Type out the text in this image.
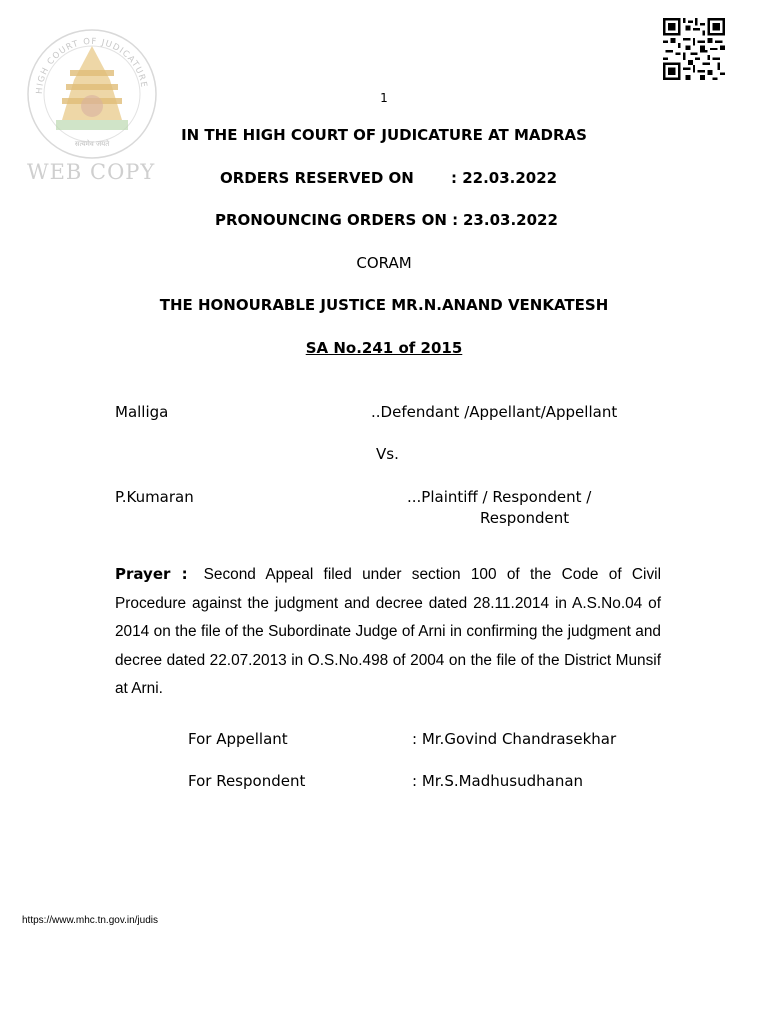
HIGH COURT OF JUDICATURE
सत्यमेव जयते
WEB COPY
1
IN THE HIGH COURT OF JUDICATURE AT MADRAS
ORDERS RESERVED ON : 22.03.2022
PRONOUNCING ORDERS ON : 23.03.2022
CORAM
THE HONOURABLE JUSTICE MR.N.ANAND VENKATESH
SA No.241 of 2015
Malliga	..Defendant /Appellant/Appellant
Vs.
P.Kumaran	...Plaintiff / Respondent /
Respondent
Prayer : Second Appeal filed under section 100 of the Code of Civil Procedure against the judgment and decree dated 28.11.2014 in A.S.No.04 of 2014 on the file of the Subordinate Judge of Arni in confirming the judgment and decree dated 22.07.2013 in O.S.No.498 of 2004 on the file of the District Munsif at Arni.
For Appellant	: Mr.Govind Chandrasekhar
For Respondent	: Mr.S.Madhusudhanan
https://www.mhc.tn.gov.in/judis
